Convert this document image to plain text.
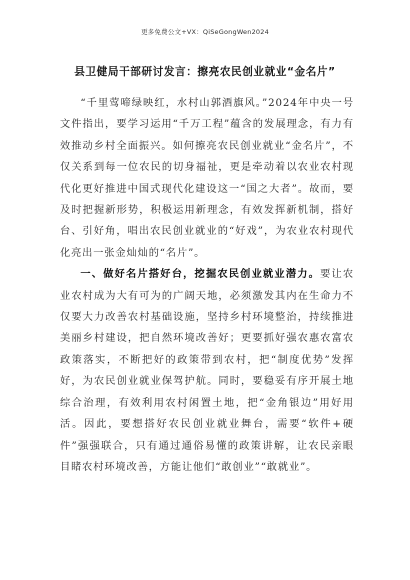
更多免费公文+VX：QiSeGongWen2024
县卫健局干部研讨发言：擦亮农民创业就业“金名片”

“千里莺啼绿映红，水村山郭酒旗风。”2024年中央一号文件指出，要学习运用“千万工程”蕴含的发展理念，有力有效推动乡村全面振兴。如何擦亮农民创业就业“金名片”，不仅关系到每一位农民的切身福祉，更是牵动着以农业农村现代化更好推进中国式现代化建设这一“国之大者”。故而，要及时把握新形势，积极运用新理念，有效发挥新机制，搭好台、引好角，唱出农民创业就业的“好戏”，为农业农村现代化亮出一张金灿灿的“名片”。

一、做好名片搭好台，挖掘农民创业就业潜力。要让农业农村成为大有可为的广阔天地，必须激发其内在生命力不仅要大力改善农村基础设施，坚持乡村环境整治，持续推进美丽乡村建设，把自然环境改善好；更要抓好强农惠农富农政策落实，不断把好的政策带到农村，把“制度优势”发挥好，为农民创业就业保驾护航。同时，要稳妥有序开展土地综合治理，有效利用农村闲置土地，把“金角银边”用好用活。因此，要想搭好农民创业就业舞台，需要“软件+硬件”强强联合，只有通过通俗易懂的政策讲解，让农民亲眼目睹农村环境改善，方能让他们“敢创业”“敢就业”。
